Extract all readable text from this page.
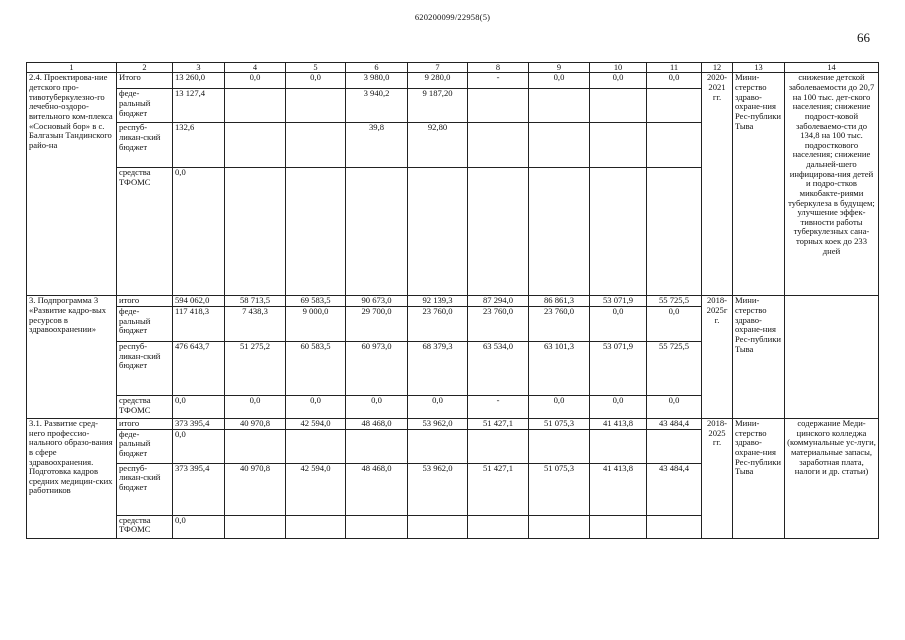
620200099/22958(5)
66
1	2	3	4	5	6	7	8	9	10	11	12	13	14
2.4. Проектирова-ние детского про-тивотуберкулезно-го лечебно-оздоро-вительного ком-плекса «Сосновый бор» в с. Балгазын Тандинского райо-на	Итого	13 260,0	0,0	0,0	3 980,0	9 280,0	-	0,0	0,0	0,0	2020-2021 гг.	Мини-стерство здраво-охране-ния Рес-публики Тыва	снижение детской заболеваемости до 20,7 на 100 тыс. дет-ского населения; снижение подрост-ковой заболеваемо-сти до 134,8 на 100 тыс. подросткового населения; снижение дальней-шего инфицирова-ния детей и подро-стков микобакте-риями туберкулеза в будущем; улучшение эффек-тивности работы туберкулезных сана-торных коек до 233 дней
	феде-ральный бюджет	13 127,4			3 940,2	9 187,20							
	респуб-ликан-ский бюджет	132,6			39,8	92,80							
	средства ТФОМС	0,0											
3. Подпрограмма 3 «Развитие кадро-вых ресурсов в здравоохранении»	итого	594 062,0	58 713,5	69 583,5	90 673,0	92 139,3	87 294,0	86 861,3	53 071,9	55 725,5	2018-2025г г.	Мини-стерство здраво-охране-ния Рес-публики Тыва	
	феде-ральный бюджет	117 418,3	7 438,3	9 000,0	29 700,0	23 760,0	23 760,0	23 760,0	0,0	0,0			
	респуб-ликан-ский бюджет	476 643,7	51 275,2	60 583,5	60 973,0	68 379,3	63 534,0	63 101,3	53 071,9	55 725,5			
	средства ТФОМС	0,0	0,0	0,0	0,0	0,0	-	0,0	0,0	0,0			
3.1. Развитие сред-него профессио-нального образо-вания в сфере здравоохранения. Подготовка кадров средних медицин-ских работников	итого	373 395,4	40 970,8	42 594,0	48 468,0	53 962,0	51 427,1	51 075,3	41 413,8	43 484,4	2018-2025 гг.	Мини-стерство здраво-охране-ния Рес-публики Тыва	содержание Меди-цинского колледжа (коммунальные ус-луги, материальные запасы, заработная плата, налоги и др. статьи)
	феде-ральный бюджет	0,0											
	респуб-ликан-ский бюджет	373 395,4	40 970,8	42 594,0	48 468,0	53 962,0	51 427,1	51 075,3	41 413,8	43 484,4			
	средства ТФОМС	0,0											
